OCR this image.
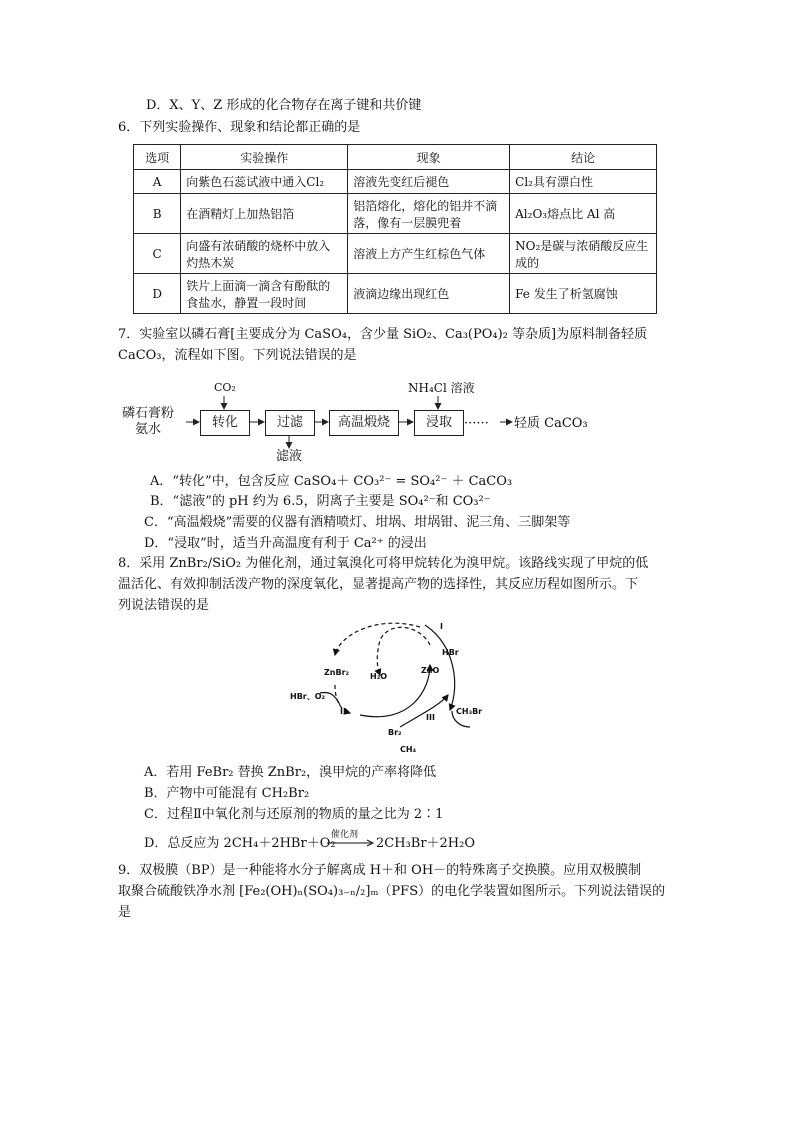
D．X、Y、Z 形成的化合物存在离子键和共价键
6．下列实验操作、现象和结论都正确的是
选项	实验操作	现象	结论
A	向紫色石蕊试液中通入Cl₂	溶液先变红后褪色	Cl₂具有漂白性
B	在酒精灯上加热铝箔	铝箔熔化，熔化的铝并不滴落，像有一层膜兜着	Al₂O₃熔点比 Al 高
C	向盛有浓硝酸的烧杯中放入灼热木炭	溶液上方产生红棕色气体	NO₂是碳与浓硝酸反应生成的
D	铁片上面滴一滴含有酚酞的食盐水，静置一段时间	液滴边缘出现红色	Fe 发生了析氢腐蚀
7．实验室以磷石膏[主要成分为 CaSO₄，含少量 SiO₂、Ca₃(PO₄)₂ 等杂质]为原料制备轻质
CaCO₃，流程如下图。下列说法错误的是
磷石膏粉
氨水
CO₂	NH₄Cl 溶液
转化	过滤	高温煅烧	浸取
滤液
······ 轻质 CaCO₃
A．“转化”中，包含反应 CaSO₄＋ CO₃²⁻ = SO₄²⁻ ＋ CaCO₃
B．“滤液”的 pH 约为 6.5，阴离子主要是 SO₄²⁻和 CO₃²⁻
C．“高温煅烧”需要的仪器有酒精喷灯、坩埚、坩埚钳、泥三角、三脚架等
D．“浸取”时，适当升高温度有利于 Ca²⁺ 的浸出
8．采用 ZnBr₂/SiO₂ 为催化剂，通过氧溴化可将甲烷转化为溴甲烷。该路线实现了甲烷的低
温活化、有效抑制活泼产物的深度氧化，显著提高产物的选择性，其反应历程如图所示。下
列说法错误的是
I
II
III
HBr
ZnBr₂	H₂O
ZnO
HBr、O₂
Br₂
CH₄
CH₃Br
A．若用 FeBr₂ 替换 ZnBr₂，溴甲烷的产率将降低
B．产物中可能混有 CH₂Br₂
C．过程Ⅱ中氧化剂与还原剂的物质的量之比为 2∶1
D．总反应为 2CH₄＋2HBr＋O₂
催化剂
→ 2CH₃Br＋2H₂O
9．双极膜（BP）是一种能将水分子解离成 H＋和 OH－的特殊离子交换膜。应用双极膜制
取聚合硫酸铁净水剂 [Fe₂(OH)ₙ(SO₄)₃₋ₙ/₂]ₘ（PFS）的电化学装置如图所示。下列说法错误的
是
